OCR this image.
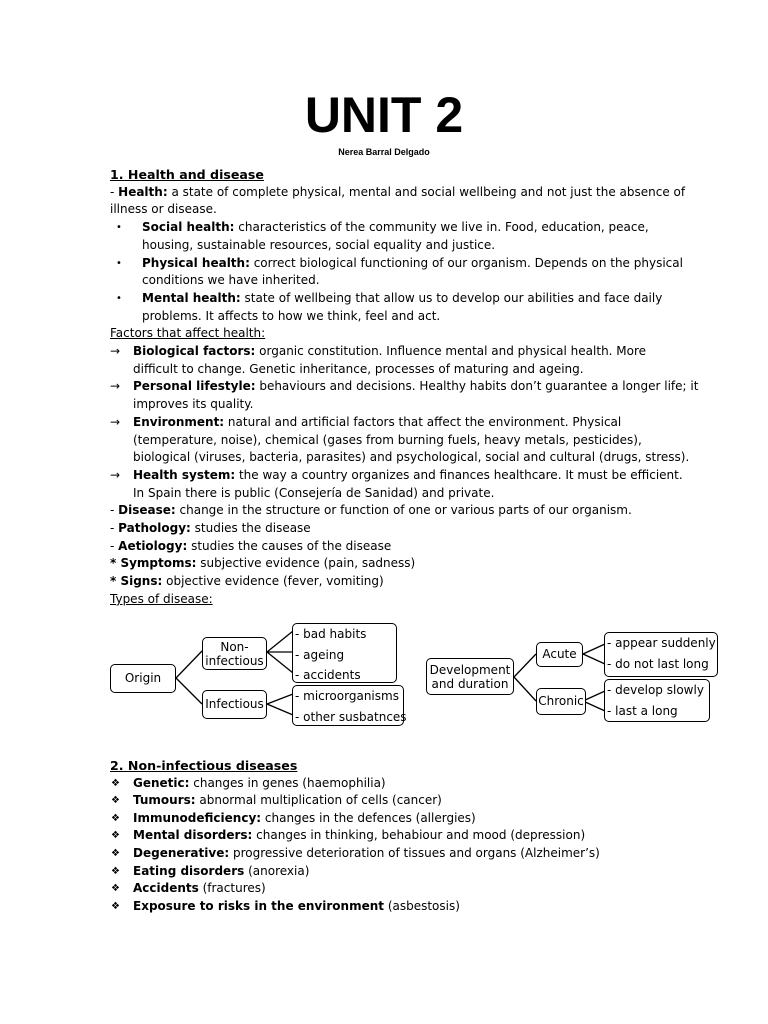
UNIT 2
Nerea Barral Delgado
1. Health and disease
- Health: a state of complete physical, mental and social wellbeing and not just the absence of
illness or disease.
• Social health: characteristics of the community we live in. Food, education, peace,
housing, sustainable resources, social equality and justice.
• Physical health: correct biological functioning of our organism. Depends on the physical
conditions we have inherited.
• Mental health: state of wellbeing that allow us to develop our abilities and face daily
problems. It affects to how we think, feel and act.
Factors that affect health:
→ Biological factors: organic constitution. Influence mental and physical health. More
difficult to change. Genetic inheritance, processes of maturing and ageing.
→ Personal lifestyle: behaviours and decisions. Healthy habits don’t guarantee a longer life; it
improves its quality.
→ Environment: natural and artificial factors that affect the environment. Physical
(temperature, noise), chemical (gases from burning fuels, heavy metals, pesticides),
biological (viruses, bacteria, parasites) and psychological, social and cultural (drugs, stress).
→ Health system: the way a country organizes and finances healthcare. It must be efficient.
In Spain there is public (Consejería de Sanidad) and private.
- Disease: change in the structure or function of one or various parts of our organism.
- Pathology: studies the disease
- Aetiology: studies the causes of the disease
* Symptoms: subjective evidence (pain, sadness)
* Signs: objective evidence (fever, vomiting)
Types of disease:
Origin
Non-
infectious
Infectious
- bad habits
- ageing
- accidents
- microorganisms
- other susbatnces
Development
and duration
Acute
Chronic
- appear suddenly
- do not last long
- develop slowly
- last a long
2. Non-infectious diseases
❖ Genetic: changes in genes (haemophilia)
❖ Tumours: abnormal multiplication of cells (cancer)
❖ Immunodeficiency: changes in the defences (allergies)
❖ Mental disorders: changes in thinking, behabiour and mood (depression)
❖ Degenerative: progressive deterioration of tissues and organs (Alzheimer’s)
❖ Eating disorders (anorexia)
❖ Accidents (fractures)
❖ Exposure to risks in the environment (asbestosis)
